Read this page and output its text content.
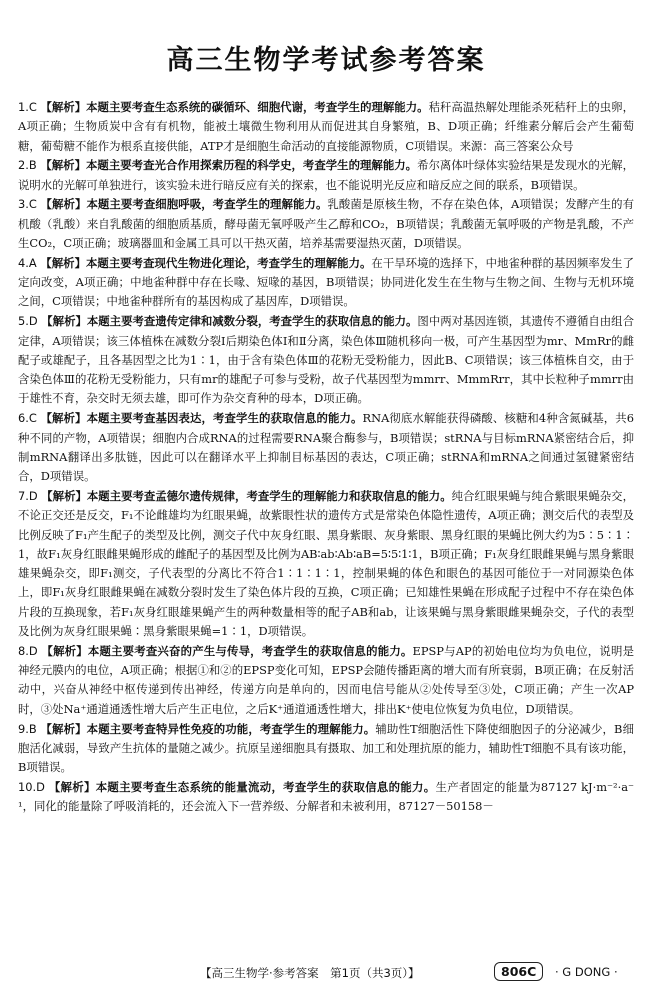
高三生物学考试参考答案

1.C 【解析】本题主要考查生态系统的碳循环、细胞代谢，考查学生的理解能力。秸秆高温热解处理能杀死秸秆上的虫卵，A项正确；生物质炭中含有有机物，能被土壤微生物利用从而促进其自身繁殖，B、D项正确；纤维素分解后会产生葡萄糖，葡萄糖不能作为根系直接供能，ATP才是细胞生命活动的直接能源物质，C项错误。来源：高三答案公众号

2.B 【解析】本题主要考查光合作用探索历程的科学史，考查学生的理解能力。希尔离体叶绿体实验结果是发现水的光解，说明水的光解可单独进行，该实验未进行暗反应有关的探索，也不能说明光反应和暗反应之间的联系，B项错误。

3.C 【解析】本题主要考查细胞呼吸，考查学生的理解能力。乳酸菌是原核生物，不存在染色体，A项错误；发酵产生的有机酸（乳酸）来自乳酸菌的细胞质基质，酵母菌无氧呼吸产生乙醇和CO₂，B项错误；乳酸菌无氧呼吸的产物是乳酸，不产生CO₂，C项正确；玻璃器皿和金属工具可以干热灭菌，培养基需要湿热灭菌，D项错误。

4.A 【解析】本题主要考查现代生物进化理论，考查学生的理解能力。在干旱环境的选择下，中地雀种群的基因频率发生了定向改变，A项正确；中地雀种群中存在长喙、短喙的基因，B项错误；协同进化发生在生物与生物之间、生物与无机环境之间，C项错误；中地雀种群所有的基因构成了基因库，D项错误。

5.D 【解析】本题主要考查遗传定律和减数分裂，考查学生的获取信息的能力。图中两对基因连锁，其遗传不遵循自由组合定律，A项错误；该三体植株在减数分裂Ⅰ后期染色体Ⅰ和Ⅱ分离，染色体Ⅲ随机移向一极，可产生基因型为mr、MmRr的雌配子或雄配子，且各基因型之比为1∶1，由于含有染色体Ⅲ的花粉无受粉能力，因此B、C项错误；该三体植株自交，由于含染色体Ⅲ的花粉无受粉能力，只有mr的雄配子可参与受粉，故子代基因型为mmrr、MmmRrr，其中长粒种子mmrr由于雄性不育，杂交时无须去雄，即可作为杂交育种的母本，D项正确。

6.C 【解析】本题主要考查基因表达，考查学生的获取信息的能力。RNA彻底水解能获得磷酸、核糖和4种含氮碱基，共6种不同的产物，A项错误；细胞内合成RNA的过程需要RNA聚合酶参与，B项错误；stRNA与目标mRNA紧密结合后，抑制mRNA翻译出多肽链，因此可以在翻译水平上抑制目标基因的表达，C项正确；stRNA和mRNA之间通过氢键紧密结合，D项错误。

7.D 【解析】本题主要考查孟德尔遗传规律，考查学生的理解能力和获取信息的能力。纯合红眼果蝇与纯合紫眼果蝇杂交，不论正交还是反交，F₁不论雌雄均为红眼果蝇，故紫眼性状的遗传方式是常染色体隐性遗传，A项正确；测交后代的表型及比例反映了F₁产生配子的类型及比例，测交子代中灰身红眼、黑身紫眼、灰身紫眼、黑身红眼的果蝇比例大约为5∶5∶1∶1，故F₁灰身红眼雌果蝇形成的雌配子的基因型及比例为AB∶ab∶Ab∶aB=5∶5∶1∶1，B项正确；F₁灰身红眼雌果蝇与黑身紫眼雄果蝇杂交，即F₁测交，子代表型的分离比不符合1∶1∶1∶1，控制果蝇的体色和眼色的基因可能位于一对同源染色体上，即F₁灰身红眼雌果蝇在减数分裂时发生了染色体片段的互换，C项正确；已知雄性果蝇在形成配子过程中不存在染色体片段的互换现象，若F₁灰身红眼雄果蝇产生的两种数量相等的配子AB和ab，让该果蝇与黑身紫眼雌果蝇杂交，子代的表型及比例为灰身红眼果蝇∶黑身紫眼果蝇=1∶1，D项错误。

8.D 【解析】本题主要考查兴奋的产生与传导，考查学生的获取信息的能力。EPSP与AP的初始电位均为负电位，说明是神经元膜内的电位，A项正确；根据①和②的EPSP变化可知，EPSP会随传播距离的增大而有所衰弱，B项正确；在反射活动中，兴奋从神经中枢传递到传出神经，传递方向是单向的，因而电信号能从②处传导至③处，C项正确；产生一次AP时，③处Na⁺通道通透性增大后产生正电位，之后K⁺通道通透性增大，排出K⁺使电位恢复为负电位，D项错误。

9.B 【解析】本题主要考查特异性免疫的功能，考查学生的理解能力。辅助性T细胞活性下降使细胞因子的分泌减少，B细胞活化减弱，导致产生抗体的量随之减少。抗原呈递细胞具有摄取、加工和处理抗原的能力，辅助性T细胞不具有该功能，B项错误。

10.D 【解析】本题主要考查生态系统的能量流动，考查学生的获取信息的能力。生产者固定的能量为87127 kJ·m⁻²·a⁻¹，同化的能量除了呼吸消耗的，还会流入下一营养级、分解者和未被利用，87127－50158－

【高三生物学·参考答案　第1页（共3页）】	806C	· G DONG ·
